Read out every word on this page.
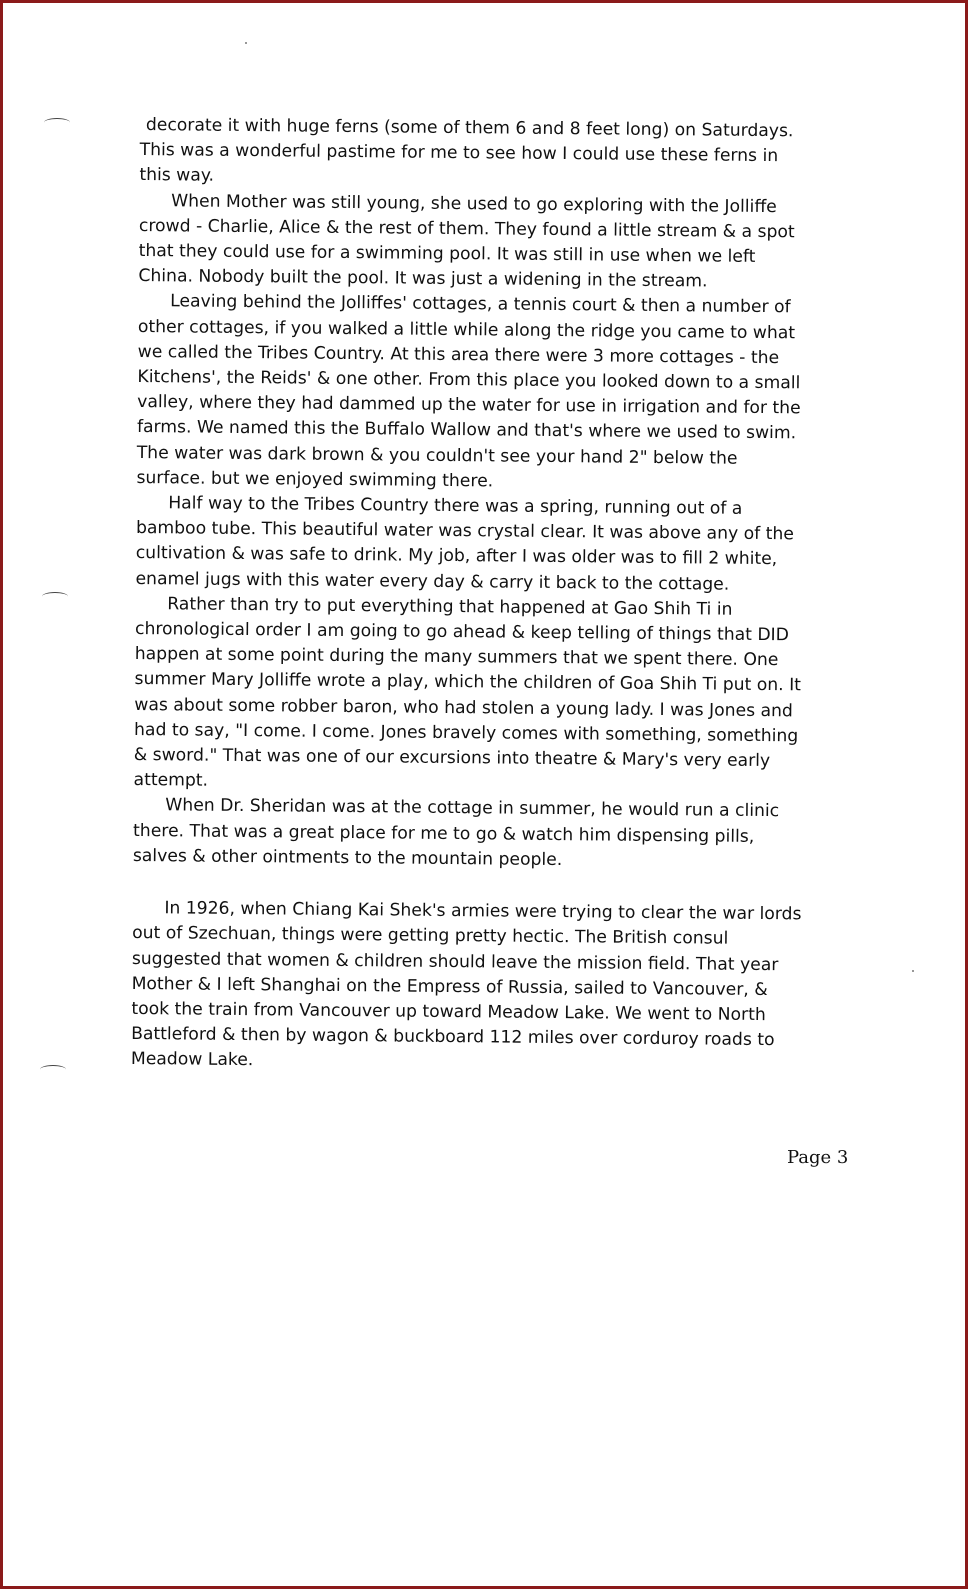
decorate it with huge ferns (some of them 6 and 8 feet long) on Saturdays. This was a wonderful pastime for me to see how I could use these ferns in this way.

When Mother was still young, she used to go exploring with the Jolliffe crowd - Charlie, Alice & the rest of them. They found a little stream & a spot that they could use for a swimming pool. It was still in use when we left China. Nobody built the pool. It was just a widening in the stream.

Leaving behind the Jolliffes' cottages, a tennis court & then a number of other cottages, if you walked a little while along the ridge you came to what we called the Tribes Country. At this area there were 3 more cottages - the Kitchens', the Reids' & one other. From this place you looked down to a small valley, where they had dammed up the water for use in irrigation and for the farms. We named this the Buffalo Wallow and that's where we used to swim. The water was dark brown & you couldn't see your hand 2" below the surface. but we enjoyed swimming there.

Half way to the Tribes Country there was a spring, running out of a bamboo tube. This beautiful water was crystal clear. It was above any of the cultivation & was safe to drink. My job, after I was older was to fill 2 white, enamel jugs with this water every day & carry it back to the cottage.

Rather than try to put everything that happened at Gao Shih Ti in chronological order I am going to go ahead & keep telling of things that DID happen at some point during the many summers that we spent there. One summer Mary Jolliffe wrote a play, which the children of Goa Shih Ti put on. It was about some robber baron, who had stolen a young lady. I was Jones and had to say, "I come. I come. Jones bravely comes with something, something & sword." That was one of our excursions into theatre & Mary's very early attempt.

When Dr. Sheridan was at the cottage in summer, he would run a clinic there. That was a great place for me to go & watch him dispensing pills, salves & other ointments to the mountain people.

In 1926, when Chiang Kai Shek's armies were trying to clear the war lords out of Szechuan, things were getting pretty hectic. The British consul suggested that women & children should leave the mission field. That year Mother & I left Shanghai on the Empress of Russia, sailed to Vancouver, & took the train from Vancouver up toward Meadow Lake. We went to North Battleford & then by wagon & buckboard 112 miles over corduroy roads to Meadow Lake.

Page 3
